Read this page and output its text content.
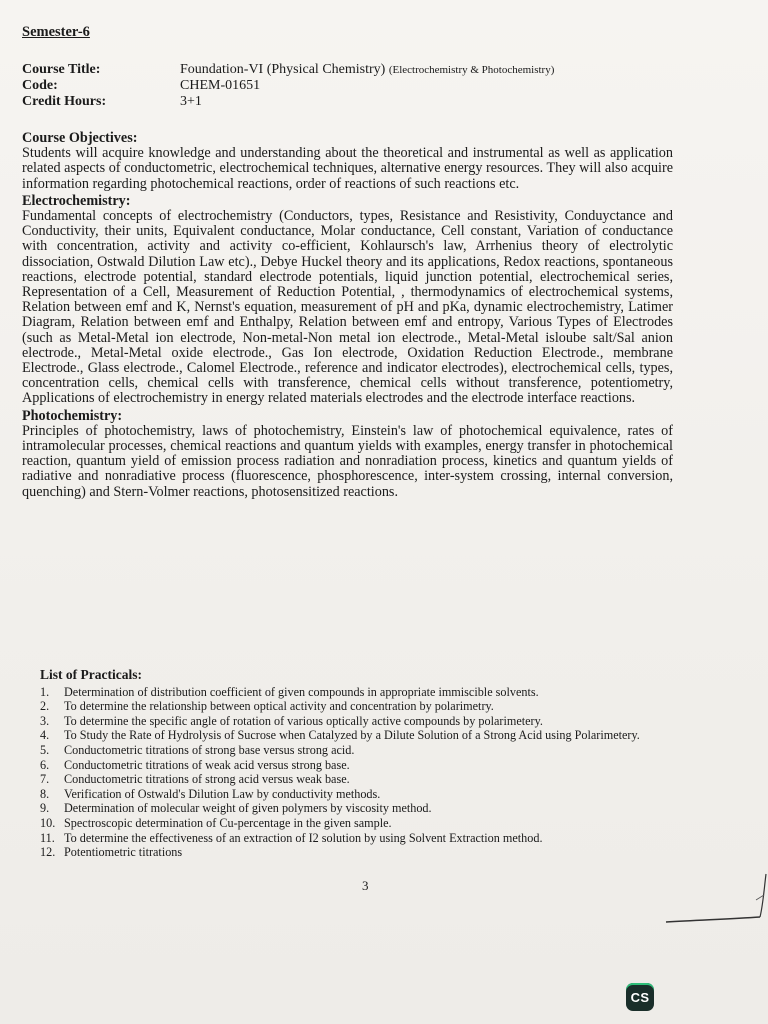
Semester-6
Course Title:	Foundation-VI (Physical Chemistry) (Electrochemistry & Photochemistry)
Code:	CHEM-01651
Credit Hours:	3+1

Course Objectives:

Students will acquire knowledge and understanding about the theoretical and instrumental as well as application related aspects of conductometric, electrochemical techniques, alternative energy resources. They will also acquire information regarding photochemical reactions, order of reactions of such reactions etc.

Electrochemistry:

Fundamental concepts of electrochemistry (Conductors, types, Resistance and Resistivity, Conduyctance and Conductivity, their units, Equivalent conductance, Molar conductance, Cell constant, Variation of conductance with concentration, activity and activity co-efficient, Kohlaursch's law, Arrhenius theory of electrolytic dissociation, Ostwald Dilution Law etc)., Debye Huckel theory and its applications, Redox reactions, spontaneous reactions, electrode potential, standard electrode potentials, liquid junction potential, electrochemical series, Representation of a Cell, Measurement of Reduction Potential, , thermodynamics of electrochemical systems, Relation between emf and K, Nernst's equation, measurement of pH and pKa, dynamic electrochemistry, Latimer Diagram, Relation between emf and Enthalpy, Relation between emf and entropy, Various Types of Electrodes (such as Metal-Metal ion electrode, Non-metal-Non metal ion electrode., Metal-Metal isloube salt/Sal anion electrode., Metal-Metal oxide electrode., Gas Ion electrode, Oxidation Reduction Electrode., membrane Electrode., Glass electrode., Calomel Electrode., reference and indicator electrodes), electrochemical cells, types, concentration cells, chemical cells with transference, chemical cells without transference, potentiometry, Applications of electrochemistry in energy related materials electrodes and the electrode interface reactions.

Photochemistry:

Principles of photochemistry, laws of photochemistry, Einstein's law of photochemical equivalence, rates of intramolecular processes, chemical reactions and quantum yields with examples, energy transfer in photochemical reaction, quantum yield of emission process radiation and nonradiation process, kinetics and quantum yields of radiative and nonradiative process (fluorescence, phosphorescence, inter-system crossing, internal conversion, quenching) and Stern-Volmer reactions, photosensitized reactions.

List of Practicals:

1.	Determination of distribution coefficient of given compounds in appropriate immiscible solvents.
2.	To determine the relationship between optical activity and concentration by polarimetry.
3.	To determine the specific angle of rotation of various optically active compounds by polarimetery.
4.	To Study the Rate of Hydrolysis of Sucrose when Catalyzed by a Dilute Solution of a Strong Acid using Polarimetery.
5.	Conductometric titrations of strong base versus strong acid.
6.	Conductometric titrations of weak acid versus strong base.
7.	Conductometric titrations of strong acid versus weak base.
8.	Verification of Ostwald's Dilution Law by conductivity methods.
9.	Determination of molecular weight of given polymers by viscosity method.
10. Spectroscopic determination of Cu-percentage in the given sample.
11. To determine the effectiveness of an extraction of I2 solution by using Solvent Extraction method.
12. Potentiometric titrations
3
CS
